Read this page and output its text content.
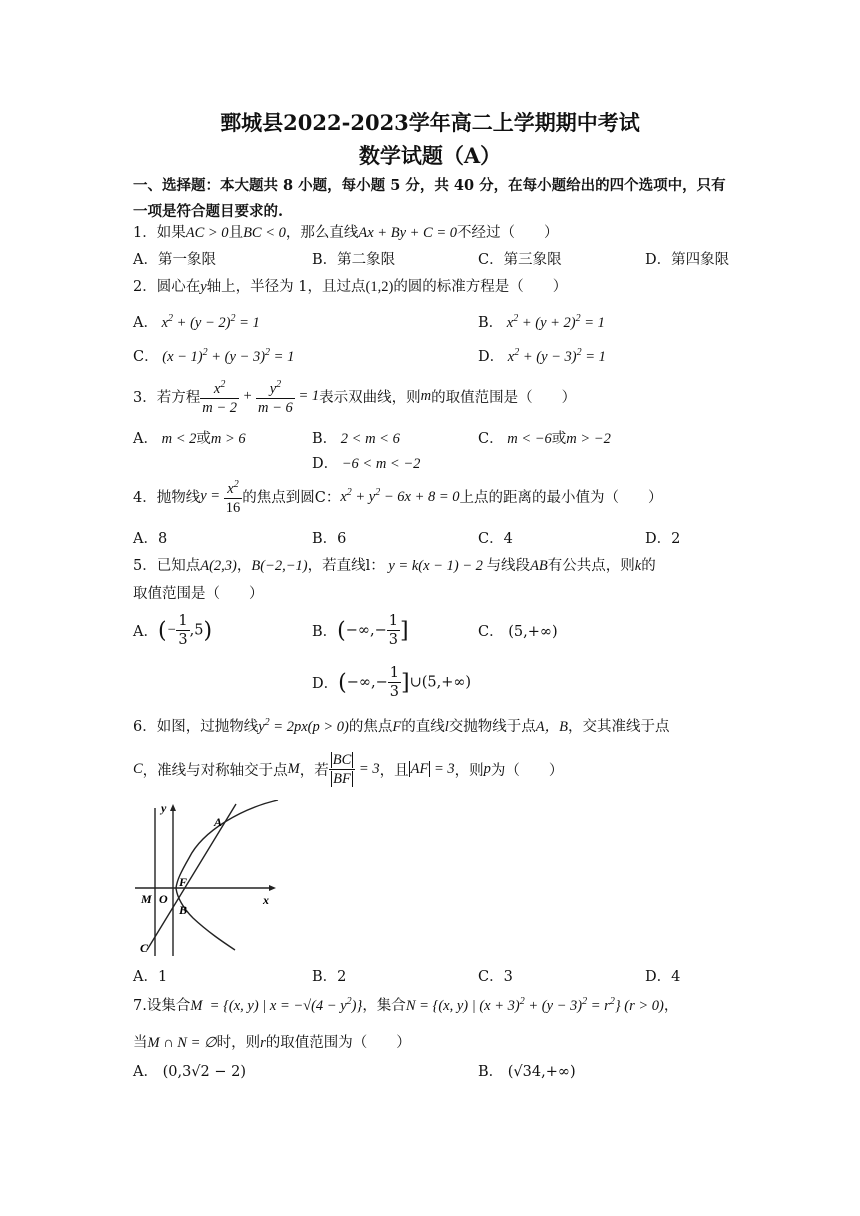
鄄城县2022-2023学年高二上学期期中考试
数学试题（A）
一、选择题：本大题共 8 小题，每小题 5 分，共 40 分，在每小题给出的四个选项中，只有
一项是符合题目要求的.
1．如果AC > 0且BC < 0，那么直线Ax + By + C = 0不经过（　　）
A．第一象限	B．第二象限	C．第三象限	D．第四象限
2．圆心在y轴上，半径为 1，且过点(1,2)的圆的标准方程是（　　）
A． $x^2 + (y - 2)^2 = 1$	B． $x^2 + (y + 2)^2 = 1$
C． $(x - 1)^2 + (y - 3)^2 = 1$	D． $x^2 + (y - 3)^2 = 1$
3．若方程 $\frac{x^2}{m - 2} + \frac{y^2}{m - 6} = 1$表示双曲线，则m的取值范围是（　　）
A． m < 2或m > 6	B． 2 < m < 6	C． m < −6或m > −2
D． −6 < m < −2
4．抛物线$y = \frac{x^2}{16}$ 的焦点到圆C：$x^2 + y^2 - 6x + 8 = 0$上点的距离的最小值为（　　）
A．8	B．6	C．4	D．2
5．已知点A(2,3)，B(−2,−1)，若直线l： y = k(x − 1) − 2 与线段AB有公共点，则k的
取值范围是（　　）
A．(− $\frac{1}{3} ,5$)	B．(−∞,− $\frac{1}{3}$ ]	C． (5,+∞)
D．(−∞,− $\frac{1}{3}$ ]∪(5,+∞)
6．如图，过抛物线$y^2 = 2px(p > 0)$的焦点F的直线l交抛物线于点A，B，交其准线于点
C，准线与对称轴交于点M，若 $\frac{BC}{BF} = 3$，且 AF = 3，则p为（　　）
y
x
A
F
M O
B
C
A．1	B．2	C．3	D．4
7.设集合M  = {(x, y) | $x = -√(4 - y^2)$}，集合N = {(x, y) | $(x + 3)^2 + (y - 3)^2 = r^2$} (r > 0)，
当M ∩ N = ∅时，则r的取值范围为（　　）
A． (0,3√2 − 2)	B． (√34,+∞)
